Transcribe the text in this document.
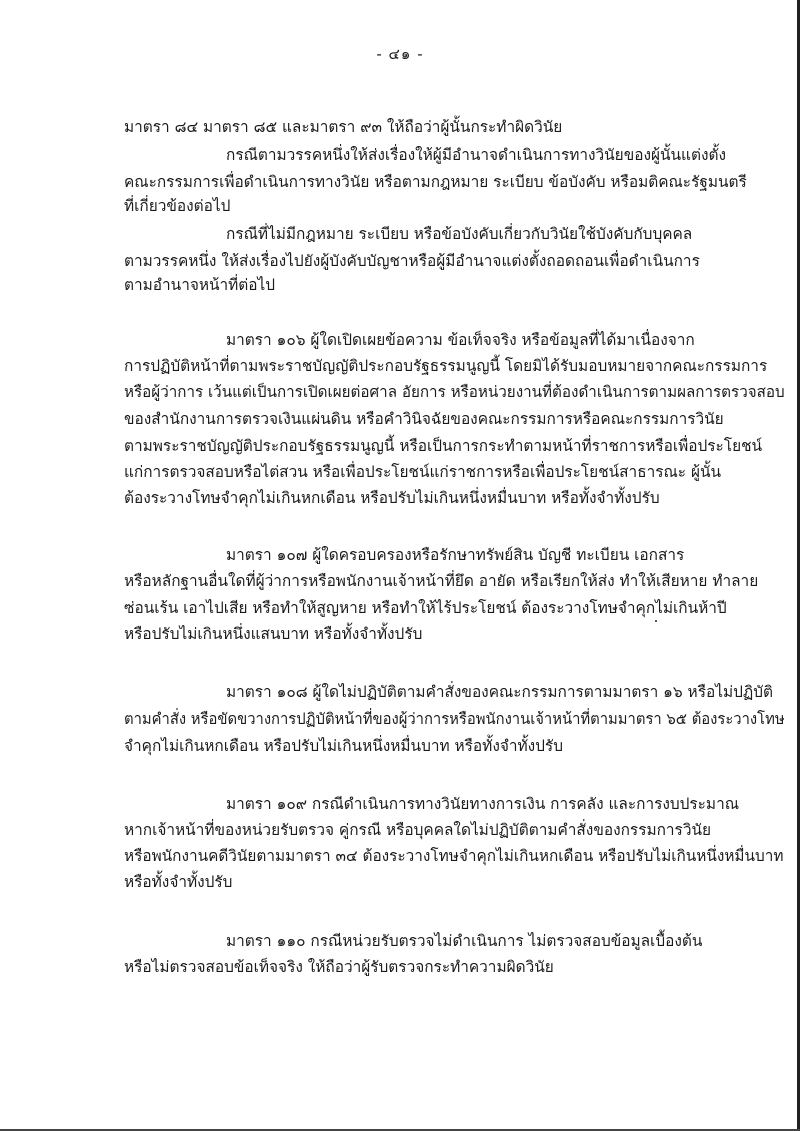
- ๔๑ -
มาตรา ๘๔ มาตรา ๘๕ และมาตรา ๙๓ ให้ถือว่าผู้นั้นกระทำผิดวินัย
กรณีตามวรรคหนึ่งให้ส่งเรื่องให้ผู้มีอำนาจดำเนินการทางวินัยของผู้นั้นแต่งตั้ง
คณะกรรมการเพื่อดำเนินการทางวินัย หรือตามกฎหมาย ระเบียบ ข้อบังคับ หรือมติคณะรัฐมนตรี
ที่เกี่ยวข้องต่อไป
กรณีที่ไม่มีกฎหมาย ระเบียบ หรือข้อบังคับเกี่ยวกับวินัยใช้บังคับกับบุคคล
ตามวรรคหนึ่ง ให้ส่งเรื่องไปยังผู้บังคับบัญชาหรือผู้มีอำนาจแต่งตั้งถอดถอนเพื่อดำเนินการ
ตามอำนาจหน้าที่ต่อไป
มาตรา ๑๐๖ ผู้ใดเปิดเผยข้อความ ข้อเท็จจริง หรือข้อมูลที่ได้มาเนื่องจาก
การปฏิบัติหน้าที่ตามพระราชบัญญัติประกอบรัฐธรรมนูญนี้ โดยมิได้รับมอบหมายจากคณะกรรมการ
หรือผู้ว่าการ เว้นแต่เป็นการเปิดเผยต่อศาล อัยการ หรือหน่วยงานที่ต้องดำเนินการตามผลการตรวจสอบ
ของสำนักงานการตรวจเงินแผ่นดิน หรือคำวินิจฉัยของคณะกรรมการหรือคณะกรรมการวินัย
ตามพระราชบัญญัติประกอบรัฐธรรมนูญนี้ หรือเป็นการกระทำตามหน้าที่ราชการหรือเพื่อประโยชน์
แก่การตรวจสอบหรือไต่สวน หรือเพื่อประโยชน์แก่ราชการหรือเพื่อประโยชน์สาธารณะ ผู้นั้น
ต้องระวางโทษจำคุกไม่เกินหกเดือน หรือปรับไม่เกินหนึ่งหมื่นบาท หรือทั้งจำทั้งปรับ
มาตรา ๑๐๗ ผู้ใดครอบครองหรือรักษาทรัพย์สิน บัญชี ทะเบียน เอกสาร
หรือหลักฐานอื่นใดที่ผู้ว่าการหรือพนักงานเจ้าหน้าที่ยึด อายัด หรือเรียกให้ส่ง ทำให้เสียหาย ทำลาย
ซ่อนเร้น เอาไปเสีย หรือทำให้สูญหาย หรือทำให้ไร้ประโยชน์ ต้องระวางโทษจำคุกไม่เกินห้าปี
หรือปรับไม่เกินหนึ่งแสนบาท หรือทั้งจำทั้งปรับ
มาตรา ๑๐๘ ผู้ใดไม่ปฏิบัติตามคำสั่งของคณะกรรมการตามมาตรา ๑๖ หรือไม่ปฏิบัติ
ตามคำสั่ง หรือขัดขวางการปฏิบัติหน้าที่ของผู้ว่าการหรือพนักงานเจ้าหน้าที่ตามมาตรา ๖๕ ต้องระวางโทษ
จำคุกไม่เกินหกเดือน หรือปรับไม่เกินหนึ่งหมื่นบาท หรือทั้งจำทั้งปรับ
มาตรา ๑๐๙ กรณีดำเนินการทางวินัยทางการเงิน การคลัง และการงบประมาณ
หากเจ้าหน้าที่ของหน่วยรับตรวจ คู่กรณี หรือบุคคลใดไม่ปฏิบัติตามคำสั่งของกรรมการวินัย
หรือพนักงานคดีวินัยตามมาตรา ๓๔ ต้องระวางโทษจำคุกไม่เกินหกเดือน หรือปรับไม่เกินหนึ่งหมื่นบาท
หรือทั้งจำทั้งปรับ
มาตรา ๑๑๐ กรณีหน่วยรับตรวจไม่ดำเนินการ ไม่ตรวจสอบข้อมูลเบื้องต้น
หรือไม่ตรวจสอบข้อเท็จจริง ให้ถือว่าผู้รับตรวจกระทำความผิดวินัย
